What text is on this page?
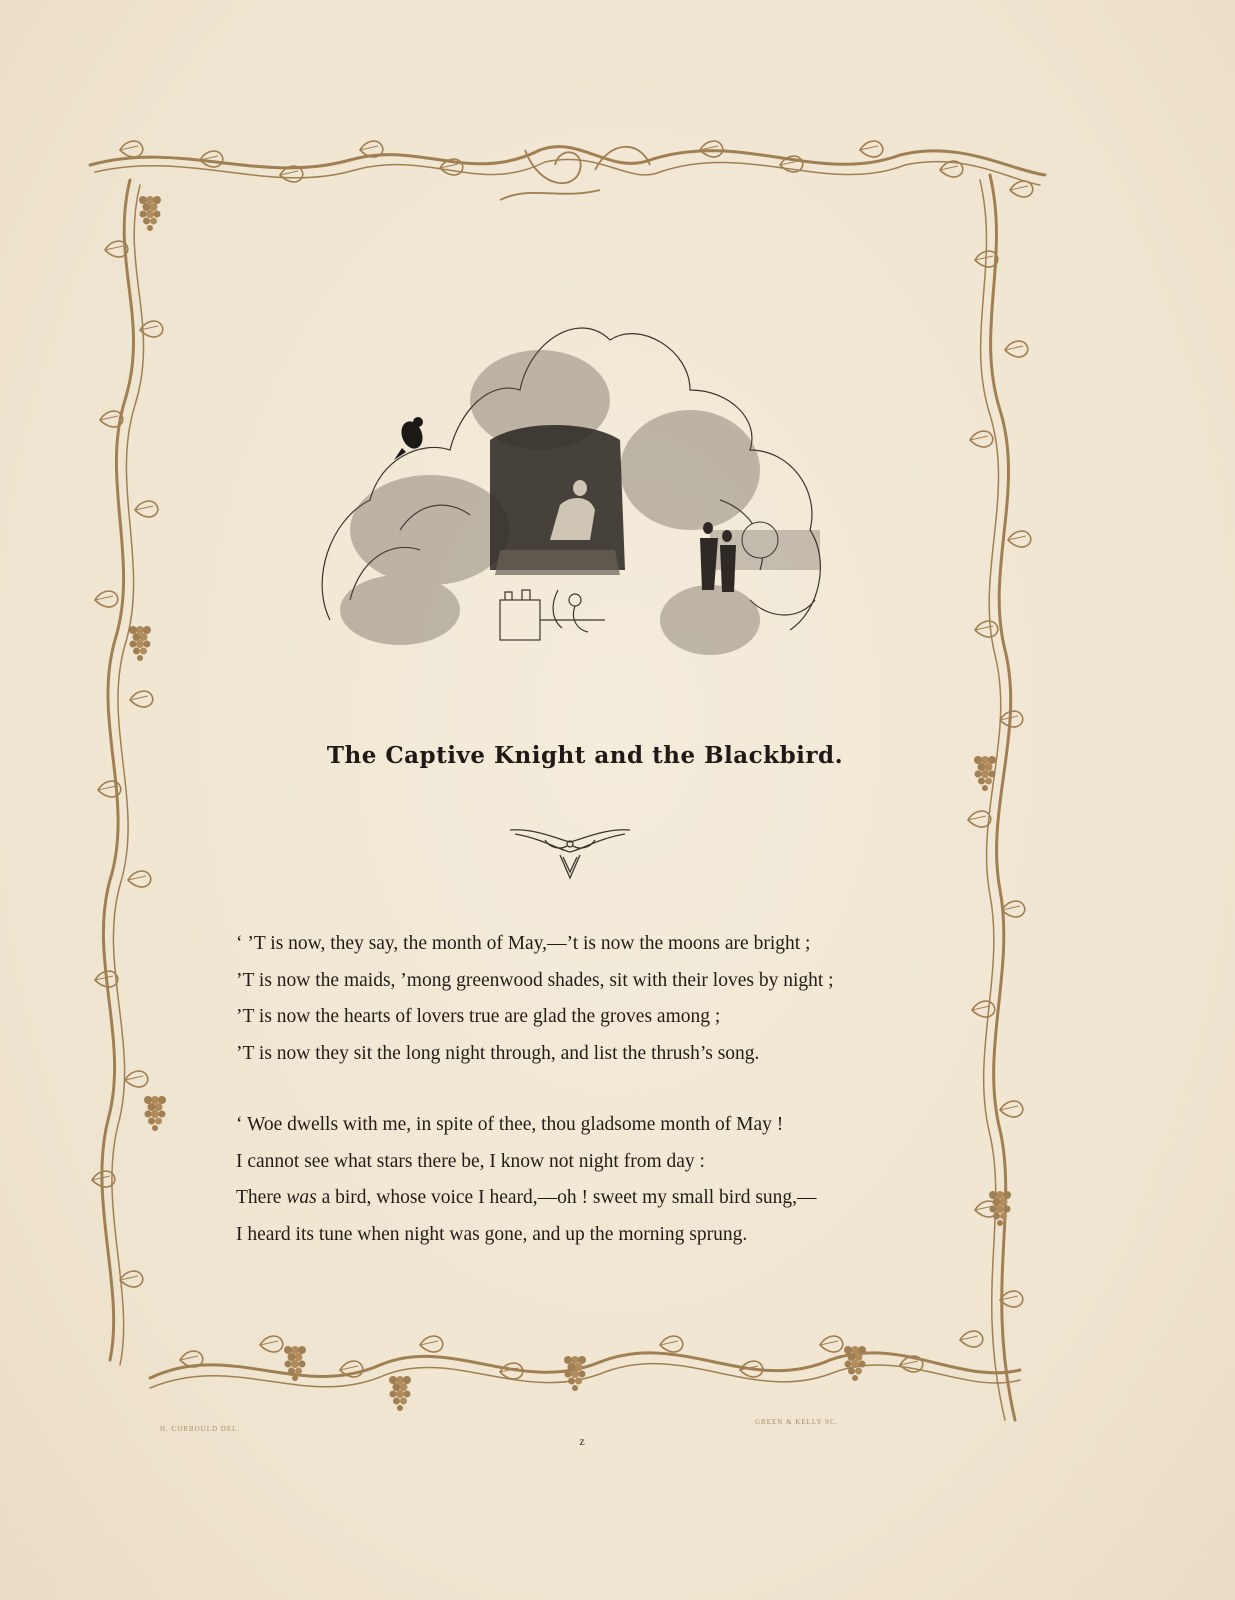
The Captive Knight and the Blackbird.
‘ ’T is now, they say, the month of May,—’t is now the moons are bright ;
’T is now the maids, ’mong greenwood shades, sit with their loves by night ;
’T is now the hearts of lovers true are glad the groves among ;
’T is now they sit the long night through, and list the thrush’s song.
‘ Woe dwells with me, in spite of thee, thou gladsome month of May !
I cannot see what stars there be, I know not night from day :
There was a bird, whose voice I heard,—oh ! sweet my small bird sung,—
I heard its tune when night was gone, and up the morning sprung.
H. CORBOULD DEL.
GREEN & KELLY SC.
z
